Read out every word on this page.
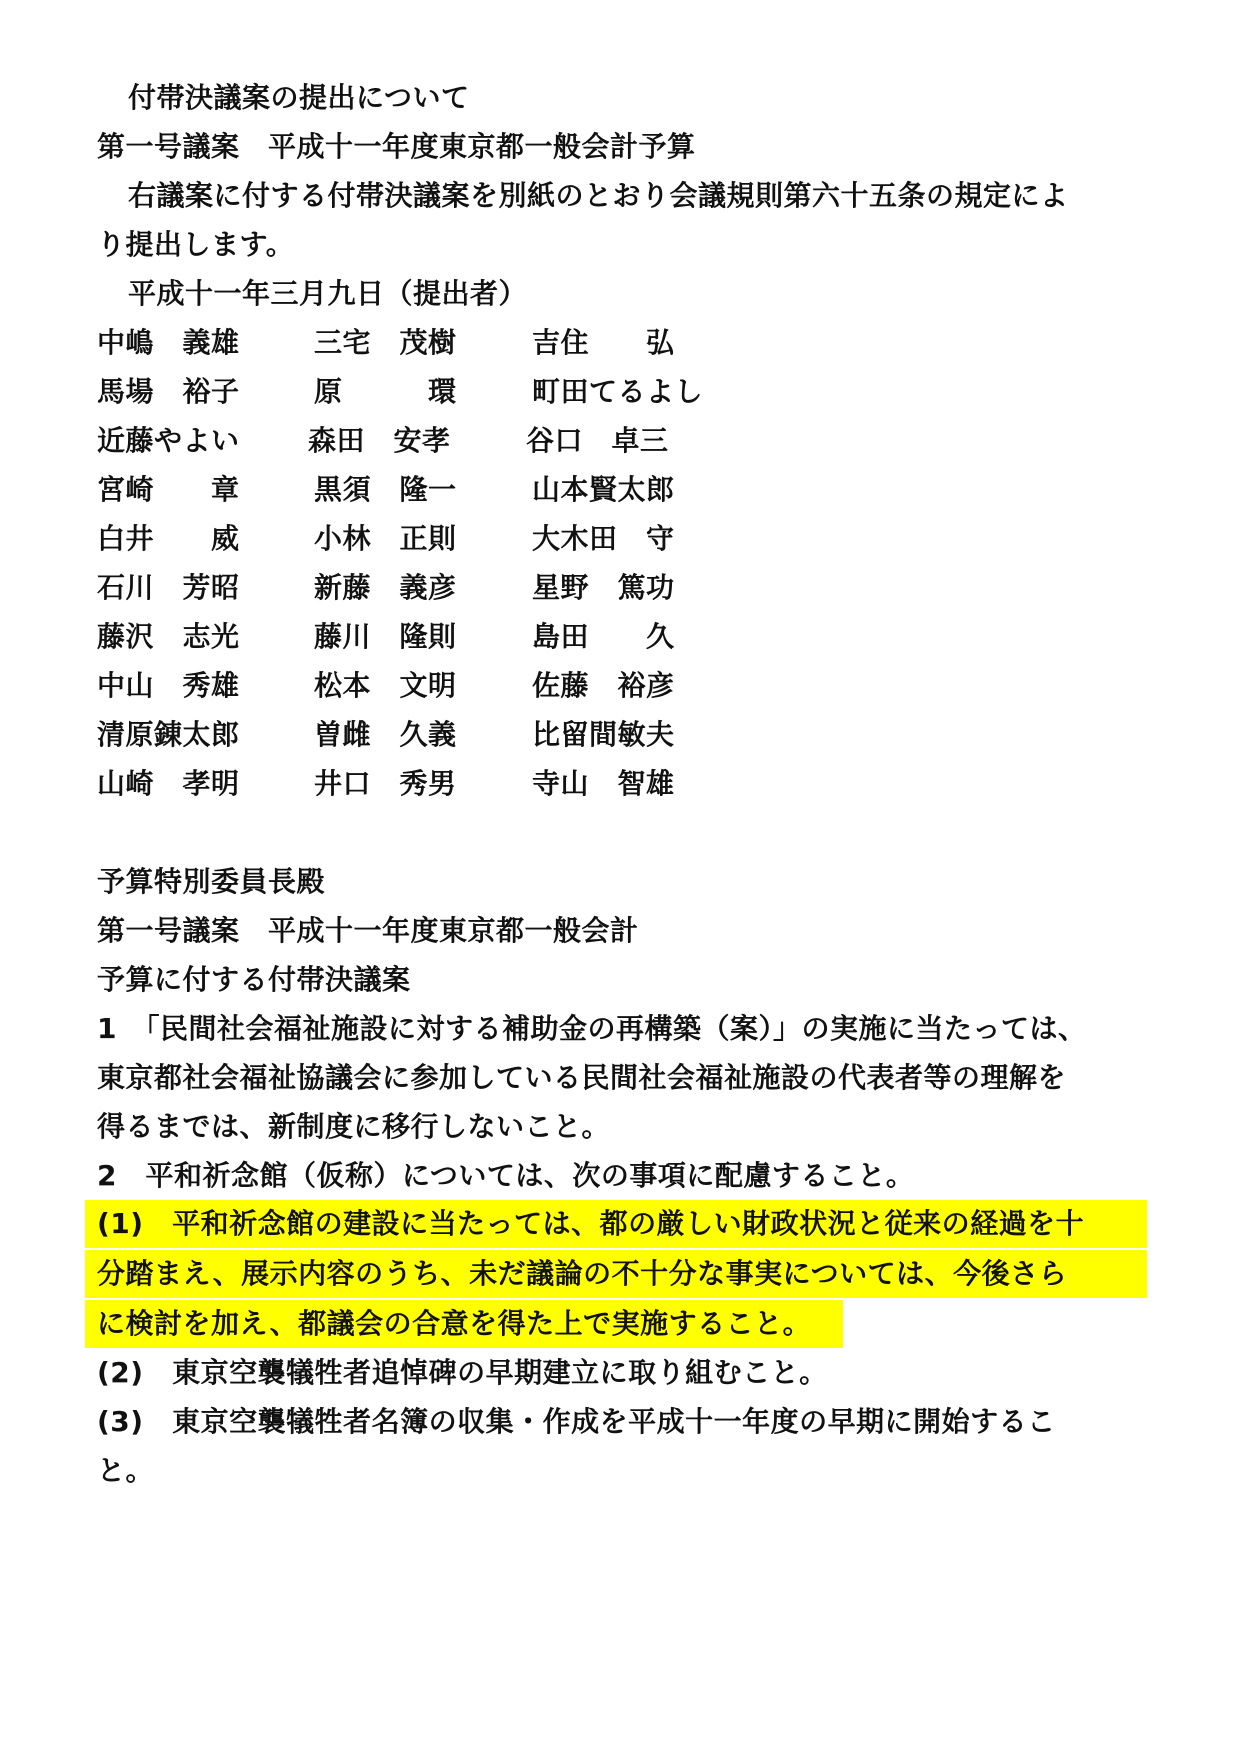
付帯決議案の提出について
第一号議案　平成十一年度東京都一般会計予算
右議案に付する付帯決議案を別紙のとおり会議規則第六十五条の規定によ
り提出します。
平成十一年三月九日（提出者）
中嶋　義雄	三宅　茂樹	吉住　　弘
馬場　裕子	原　　　環	町田てるよし
近藤やよい 森田　安孝	谷口　卓三
宮崎　　章	黒須　隆一	山本賢太郎
白井　　威	小林　正則	大木田　守
石川　芳昭	新藤　義彦	星野　篤功
藤沢　志光	藤川　隆則	島田　　久
中山　秀雄	松本　文明	佐藤　裕彦
清原錬太郎	曽雌　久義	比留間敏夫
山崎　孝明	井口　秀男	寺山　智雄
予算特別委員長殿
第一号議案　平成十一年度東京都一般会計
予算に付する付帯決議案
1　「民間社会福祉施設に対する補助金の再構築（案）」の実施に当たっては、
東京都社会福祉協議会に参加している民間社会福祉施設の代表者等の理解を
得るまでは、新制度に移行しないこと。
2　平和祈念館（仮称）については、次の事項に配慮すること。
(1)　平和祈念館の建設に当たっては、都の厳しい財政状況と従来の経過を十
分踏まえ、展示内容のうち、未だ議論の不十分な事実については、今後さら
に検討を加え、都議会の合意を得た上で実施すること。
(2)　東京空襲犠牲者追悼碑の早期建立に取り組むこと。
(3)　東京空襲犠牲者名簿の収集・作成を平成十一年度の早期に開始するこ
と。
